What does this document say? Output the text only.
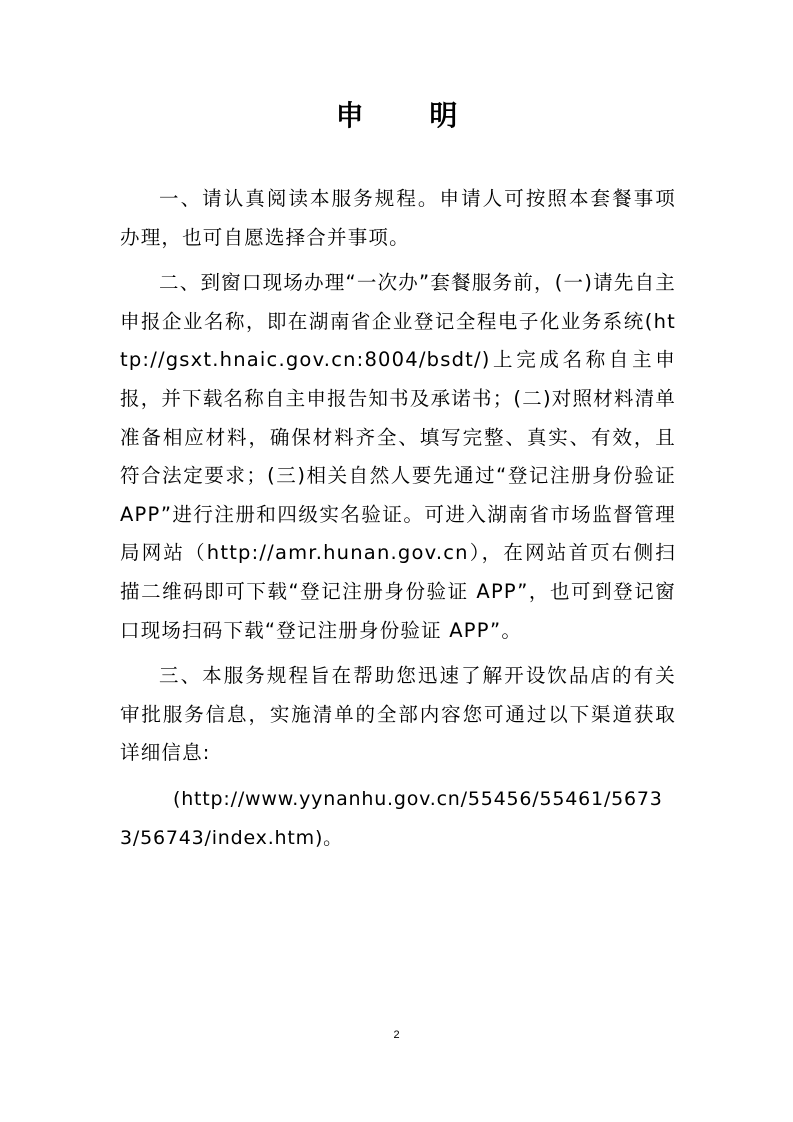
申 明

一、请认真阅读本服务规程。申请人可按照本套餐事项办理，也可自愿选择合并事项。

二、到窗口现场办理“一次办”套餐服务前，(一)请先自主申报企业名称，即在湖南省企业登记全程电子化业务系统(http://gsxt.hnaic.gov.cn:8004/bsdt/)上完成名称自主申报，并下载名称自主申报告知书及承诺书；(二)对照材料清单准备相应材料，确保材料齐全、填写完整、真实、有效，且符合法定要求；(三)相关自然人要先通过“登记注册身份验证 APP”进行注册和四级实名验证。可进入湖南省市场监督管理局网站（http://amr.hunan.gov.cn），在网站首页右侧扫描二维码即可下载“登记注册身份验证 APP”，也可到登记窗口现场扫码下载“登记注册身份验证 APP”。

三、本服务规程旨在帮助您迅速了解开设饮品店的有关审批服务信息，实施清单的全部内容您可通过以下渠道获取详细信息:

(http://www.yynanhu.gov.cn/55456/55461/56733/56743/index.htm)。

2
